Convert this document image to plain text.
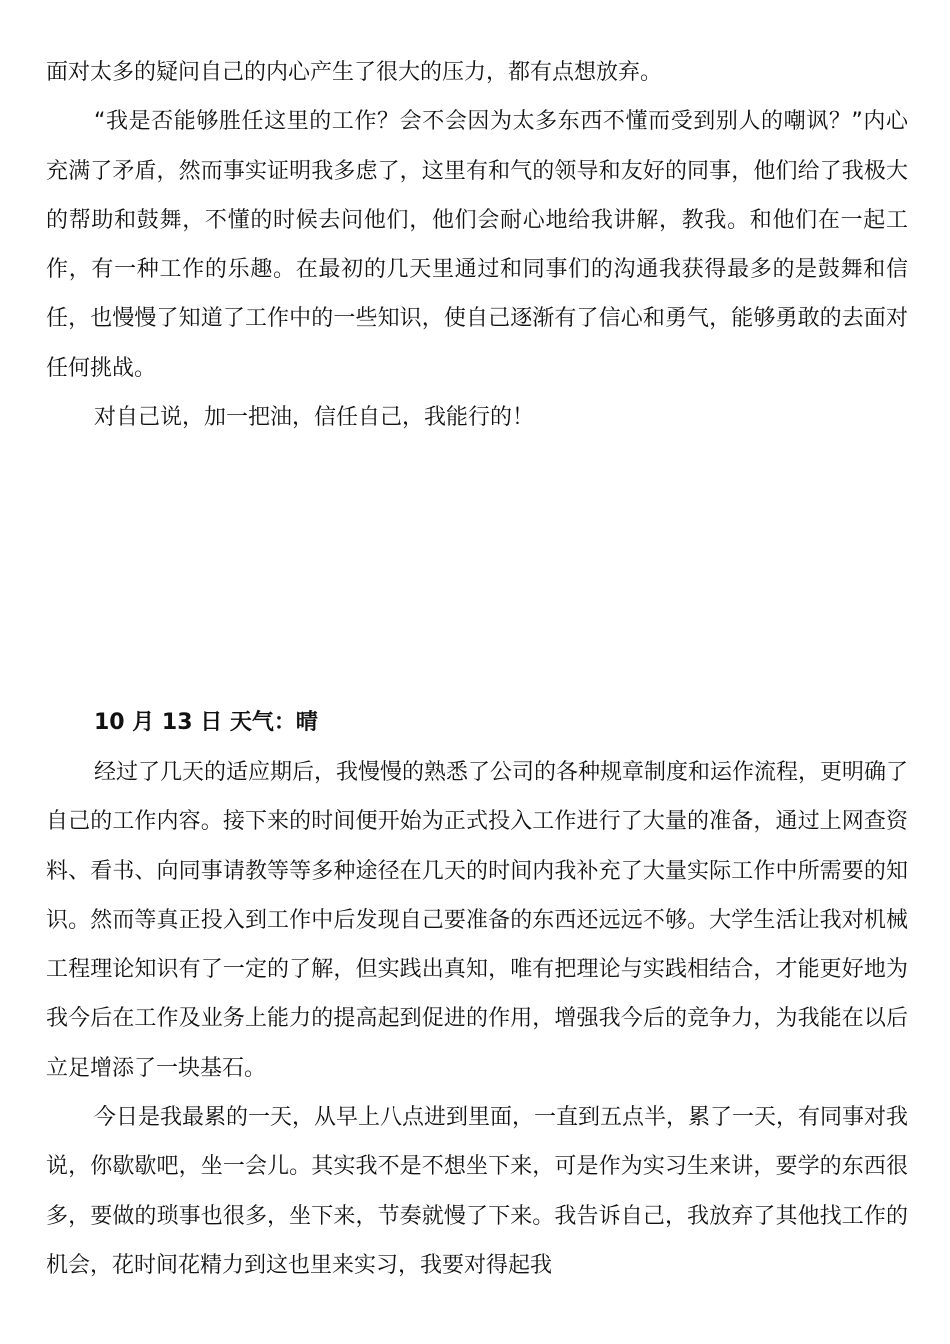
面对太多的疑问自己的内心产生了很大的压力，都有点想放弃。

“我是否能够胜任这里的工作？会不会因为太多东西不懂而受到别人的嘲讽？”内心充满了矛盾，然而事实证明我多虑了，这里有和气的领导和友好的同事，他们给了我极大的帮助和鼓舞，不懂的时候去问他们，他们会耐心地给我讲解，教我。和他们在一起工作，有一种工作的乐趣。在最初的几天里通过和同事们的沟通我获得最多的是鼓舞和信任，也慢慢了知道了工作中的一些知识，使自己逐渐有了信心和勇气，能够勇敢的去面对任何挑战。

对自己说，加一把油，信任自己，我能行的！

10 月 13 日 天气：晴

经过了几天的适应期后，我慢慢的熟悉了公司的各种规章制度和运作流程，更明确了自己的工作内容。接下来的时间便开始为正式投入工作进行了大量的准备，通过上网查资料、看书、向同事请教等等多种途径在几天的时间内我补充了大量实际工作中所需要的知识。然而等真正投入到工作中后发现自己要准备的东西还远远不够。大学生活让我对机械工程理论知识有了一定的了解，但实践出真知，唯有把理论与实践相结合，才能更好地为我今后在工作及业务上能力的提高起到促进的作用，增强我今后的竞争力，为我能在以后立足增添了一块基石。

今日是我最累的一天，从早上八点进到里面，一直到五点半，累了一天，有同事对我说，你歇歇吧，坐一会儿。其实我不是不想坐下来，可是作为实习生来讲，要学的东西很多，要做的琐事也很多，坐下来，节奏就慢了下来。我告诉自己，我放弃了其他找工作的机会，花时间花精力到这也里来实习，我要对得起我
